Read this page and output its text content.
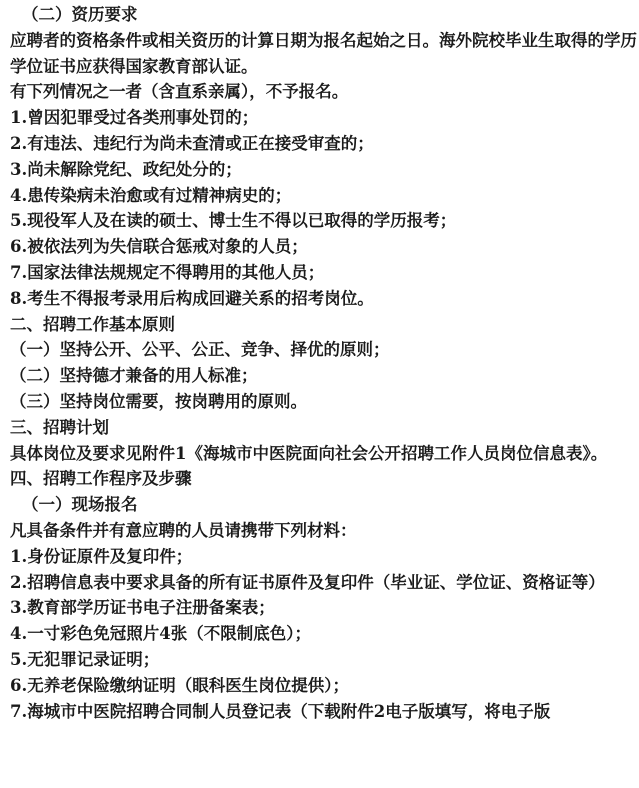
（二）资历要求
应聘者的资格条件或相关资历的计算日期为报名起始之日。海外院校毕业生取得的学历学位证书应获得国家教育部认证。
有下列情况之一者（含直系亲属），不予报名。
1.曾因犯罪受过各类刑事处罚的；
2.有违法、违纪行为尚未查清或正在接受审查的；
3.尚未解除党纪、政纪处分的；
4.患传染病未治愈或有过精神病史的；
5.现役军人及在读的硕士、博士生不得以已取得的学历报考；
6.被依法列为失信联合惩戒对象的人员；
7.国家法律法规规定不得聘用的其他人员；
8.考生不得报考录用后构成回避关系的招考岗位。
二、招聘工作基本原则
（一）坚持公开、公平、公正、竞争、择优的原则；
（二）坚持德才兼备的用人标准；
（三）坚持岗位需要，按岗聘用的原则。
三、招聘计划
具体岗位及要求见附件1《海城市中医院面向社会公开招聘工作人员岗位信息表》。
四、招聘工作程序及步骤
（一）现场报名
凡具备条件并有意应聘的人员请携带下列材料：
1.身份证原件及复印件；
2.招聘信息表中要求具备的所有证书原件及复印件（毕业证、学位证、资格证等）
3.教育部学历证书电子注册备案表；
4.一寸彩色免冠照片4张（不限制底色）；
5.无犯罪记录证明；
6.无养老保险缴纳证明（眼科医生岗位提供）；
7.海城市中医院招聘合同制人员登记表（下载附件2电子版填写，将电子版
